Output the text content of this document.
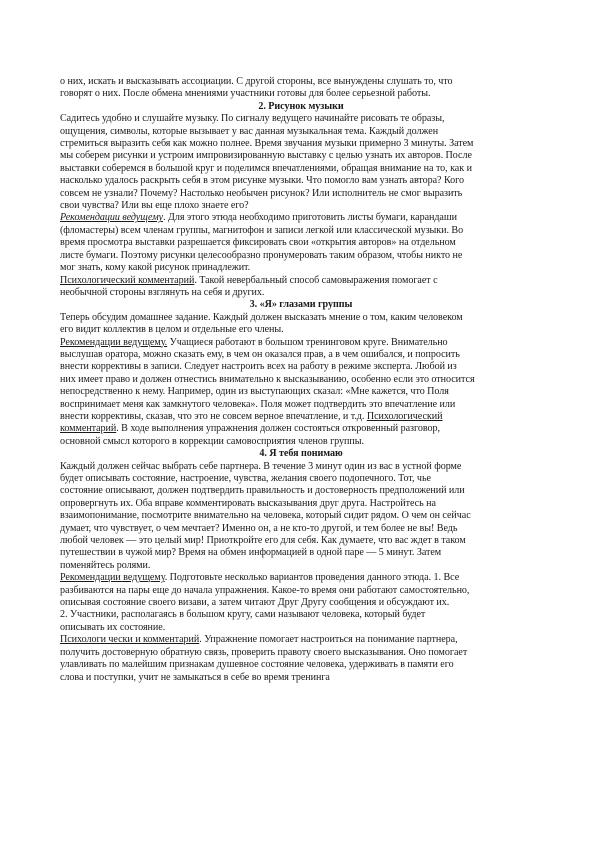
о них, искать и высказывать ассоциации. С другой стороны, все вынуждены слушать то, что
говорят о них. После обмена мнениями участники готовы для более серьезной работы.
2. Рисунок музыки
Садитесь удобно и слушайте музыку. По сигналу ведущего начинайте рисовать те образы,
ощущения, символы, которые вызывает у вас данная музыкальная тема. Каждый должен
стремиться выразить себя как можно полнее. Время звучания музыки примерно 3 минуты. Затем
мы соберем рисунки и устроим импровизированную выставку с целью узнать их авторов. После
выставки соберемся в большой круг и поделимся впечатлениями, обращая внимание на то, как и
насколько удалось раскрыть себя в этом рисунке музыки. Что помогло вам узнать автора? Кого
совсем не узнали? Почему? Настолько необычен рисунок? Или исполнитель не смог выразить
свои чувства? Или вы еще плохо знаете его?
Рекомендации ведущему. Для этого этюда необходимо приготовить листы бумаги, карандаши
(фломастеры) всем членам группы, магнитофон и записи легкой или классической музыки. Во
время просмотра выставки разрешается фиксировать свои «открытия авторов» на отдельном
листе бумаги. Поэтому рисунки целесообразно пронумеровать таким образом, чтобы никто не
мог знать, кому какой рисунок принадлежит.
Психологический комментарий. Такой невербальный способ самовыражения помогает с
необычной стороны взглянуть на себя и других.
3. «Я» глазами группы
Теперь обсудим домашнее задание. Каждый должен высказать мнение о том, каким человеком
его видит коллектив в целом и отдельные его члены.
Рекомендации ведущему. Учащиеся работают в большом тренинговом круге. Внимательно
выслушав оратора, можно сказать ему, в чем он оказался прав, а в чем ошибался, и попросить
внести коррективы в записи. Следует настроить всех на работу в режиме эксперта. Любой из
них имеет право и должен отнестись внимательно к высказыванию, особенно если это относится
непосредственно к нему. Например, один из выступающих сказал: «Мне кажется, что Поля
воспринимает меня как замкнутого человека». Поля может подтвердить это впечатление или
внести коррективы, сказав, что это не совсем верное впечатление, и т.д. Психологический
комментарий. В ходе выполнения упражнения должен состояться откровенный разговор,
основной смысл которого в коррекции самовосприятия членов группы.
4. Я тебя понимаю
Каждый должен сейчас выбрать себе партнера. В течение 3 минут один из вас в устной форме
будет описывать состояние, настроение, чувства, желания своего подопечного. Тот, чье
состояние описывают, должен подтвердить правильность и достоверность предположений или
опровергнуть их. Оба вправе комментировать высказывания друг друга. Настройтесь на
взаимопонимание, посмотрите внимательно на человека, который сидит рядом. О чем он сейчас
думает, что чувствует, о чем мечтает? Именно он, а не кто-то другой, и тем более не вы! Ведь
любой человек — это целый мир! Приоткройте его для себя. Как думаете, что вас ждет в таком
путешествии в чужой мир? Время на обмен информацией в одной паре — 5 минут. Затем
поменяйтесь ролями.
Рекомендации ведущему. Подготовьте несколько вариантов проведения данного этюда. 1. Все
разбиваются на пары еще до начала упражнения. Какое-то время они работают самостоятельно,
описывая состояние своего визави, а затем читают Друг Другу сообщения и обсуждают их.
2. Участники, располагаясь в большом кругу, сами называют человека, который будет
описывать их состояние.
Психологи чески и комментарий. Упражнение помогает настроиться на понимание партнера,
получить достоверную обратную связь, проверить правоту своего высказывания. Оно помогает
улавливать по малейшим признакам душевное состояние человека, удерживать в памяти его
слова и поступки, учит не замыкаться в себе во время тренинга
